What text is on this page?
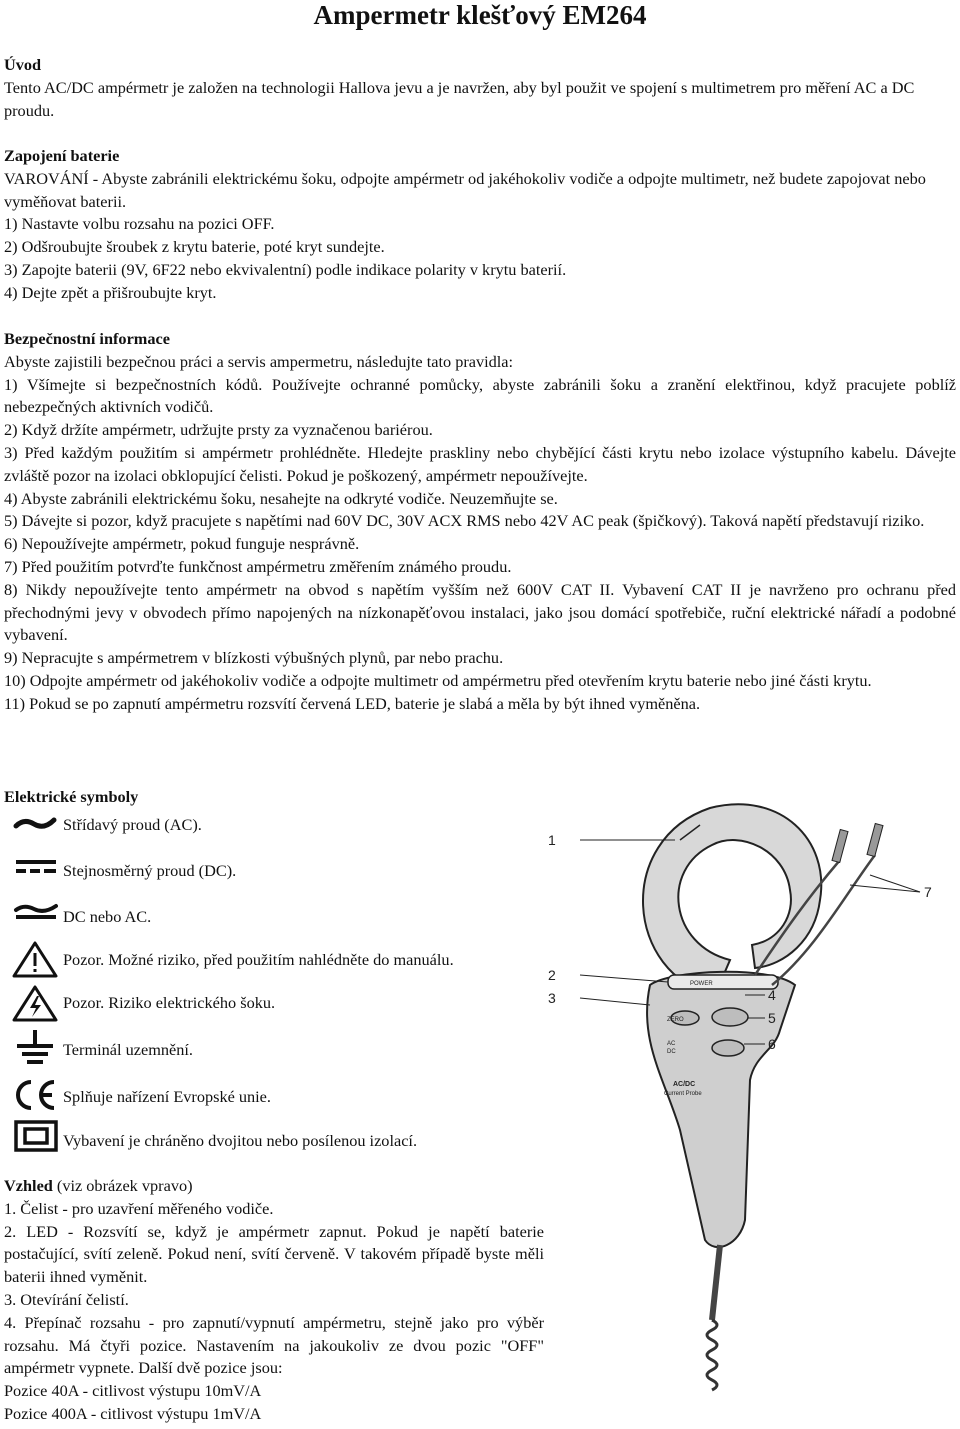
Ampermetr klešťový EM264
Úvod
Tento AC/DC ampérmetr je založen na technologii Hallova jevu a je navržen, aby byl použit ve spojení s multimetrem pro měření AC a DC proudu.
Zapojení baterie
VAROVÁNÍ - Abyste zabránili elektrickému šoku, odpojte ampérmetr od jakéhokoliv vodiče a odpojte multimetr, než budete zapojovat nebo vyměňovat baterii.
1) Nastavte volbu rozsahu na pozici OFF.
2) Odšroubujte šroubek z krytu baterie, poté kryt sundejte.
3) Zapojte baterii (9V, 6F22 nebo ekvivalentní) podle indikace polarity v krytu baterií.
4) Dejte zpět a přišroubujte kryt.
Bezpečnostní informace
Abyste zajistili bezpečnou práci a servis ampermetru, následujte tato pravidla:
1) Všímejte si bezpečnostních kódů. Používejte ochranné pomůcky, abyste zabránili šoku a zranění elektřinou, když pracujete poblíž nebezpečných aktivních vodičů.
2) Když držíte ampérmetr, udržujte prsty za vyznačenou bariérou.
3) Před každým použitím si ampérmetr prohlédněte. Hledejte praskliny nebo chybějící části krytu nebo izolace výstupního kabelu. Dávejte zvláště pozor na izolaci obklopující čelisti. Pokud je poškozený, ampérmetr nepoužívejte.
4) Abyste zabránili elektrickému šoku, nesahejte na odkryté vodiče. Neuzemňujte se.
5) Dávejte si pozor, když pracujete s napětími nad 60V DC, 30V ACX RMS nebo 42V AC peak (špičkový). Taková napětí představují riziko.
6) Nepoužívejte ampérmetr, pokud funguje nesprávně.
7) Před použitím potvrďte funkčnost ampérmetru změřením známého proudu.
8) Nikdy nepoužívejte tento ampérmetr na obvod s napětím vyšším než 600V CAT II. Vybavení CAT II je navrženo pro ochranu před přechodnými jevy v obvodech přímo napojených na nízkonapěťovou instalaci, jako jsou domácí spotřebiče, ruční elektrické nářadí a podobné vybavení.
9) Nepracujte s ampérmetrem v blízkosti výbušných plynů, par nebo prachu.
10) Odpojte ampérmetr od jakéhokoliv vodiče a odpojte multimetr od ampérmetru před otevřením krytu baterie nebo jiné části krytu.
11) Pokud se po zapnutí ampérmetru rozsvítí červená LED, baterie je slabá a měla by být ihned vyměněna.
Elektrické symboly
Střídavý proud (AC).
Stejnosměrný proud (DC).
DC nebo AC.
Pozor. Možné riziko, před použitím nahlédněte do manuálu.
Pozor. Riziko elektrického šoku.
Terminál uzemnění.
Splňuje nařízení Evropské unie.
Vybavení je chráněno dvojitou nebo posílenou izolací.
Vzhled (viz obrázek vpravo)
1. Čelist - pro uzavření měřeného vodiče.
2. LED - Rozsvítí se, když je ampérmetr zapnut. Pokud je napětí baterie postačující, svítí zeleně. Pokud není, svítí červeně. V takovém případě byste měli baterii ihned vyměnit.
3. Otevírání čelistí.
4. Přepínač rozsahu - pro zapnutí/vypnutí ampérmetru, stejně jako pro výběr rozsahu. Má čtyři pozice. Nastavením na jakoukoliv ze dvou pozic "OFF" ampérmetr vypnete. Další dvě pozice jsou:
Pozice 40A - citlivost výstupu 10mV/A
Pozice 400A - citlivost výstupu 1mV/A
POWER
ZERO
AC
DC
AC/DC
Current Probe
1
2
3	4
5
6
7
